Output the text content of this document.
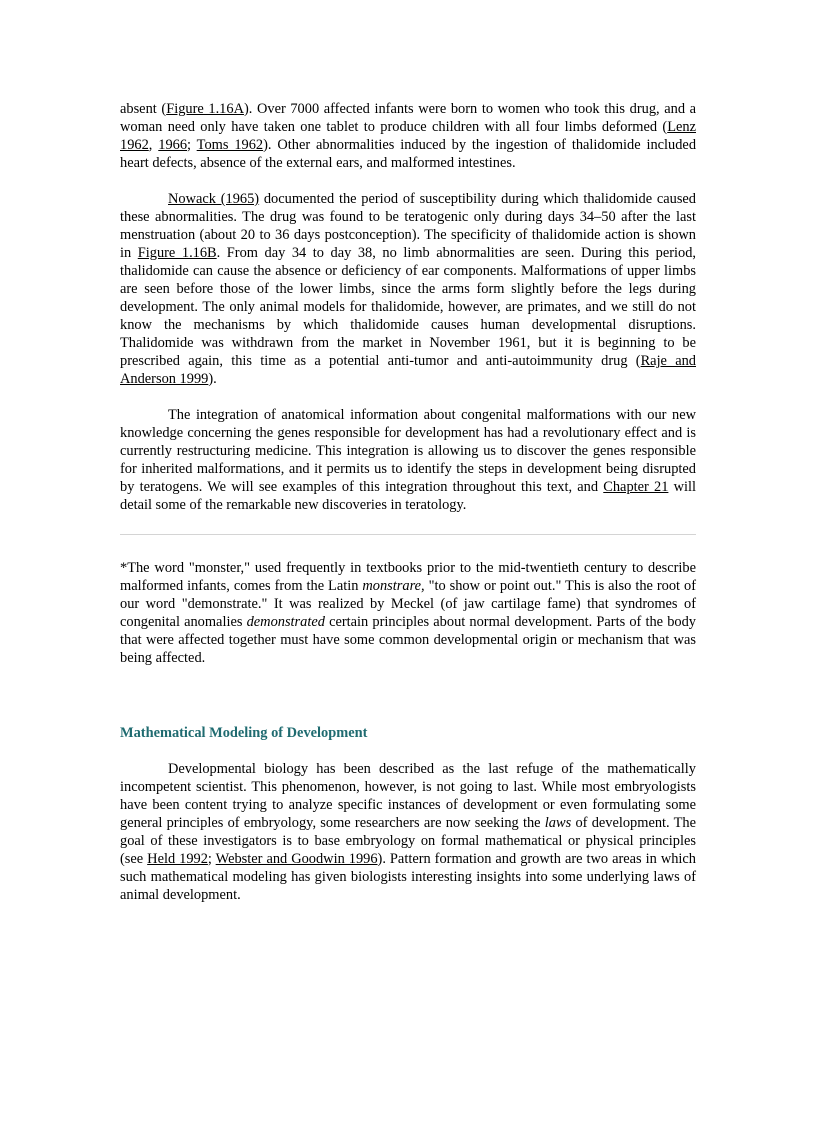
absent (Figure 1.16A). Over 7000 affected infants were born to women who took this drug, and a woman need only have taken one tablet to produce children with all four limbs deformed (Lenz 1962, 1966; Toms 1962). Other abnormalities induced by the ingestion of thalidomide included heart defects, absence of the external ears, and malformed intestines.

Nowack (1965) documented the period of susceptibility during which thalidomide caused these abnormalities. The drug was found to be teratogenic only during days 34–50 after the last menstruation (about 20 to 36 days postconception). The specificity of thalidomide action is shown in Figure 1.16B. From day 34 to day 38, no limb abnormalities are seen. During this period, thalidomide can cause the absence or deficiency of ear components. Malformations of upper limbs are seen before those of the lower limbs, since the arms form slightly before the legs during development. The only animal models for thalidomide, however, are primates, and we still do not know the mechanisms by which thalidomide causes human developmental disruptions. Thalidomide was withdrawn from the market in November 1961, but it is beginning to be prescribed again, this time as a potential anti-tumor and anti-autoimmunity drug (Raje and Anderson 1999).

The integration of anatomical information about congenital malformations with our new knowledge concerning the genes responsible for development has had a revolutionary effect and is currently restructuring medicine. This integration is allowing us to discover the genes responsible for inherited malformations, and it permits us to identify the steps in development being disrupted by teratogens. We will see examples of this integration throughout this text, and Chapter 21 will detail some of the remarkable new discoveries in teratology.

*The word "monster," used frequently in textbooks prior to the mid-twentieth century to describe malformed infants, comes from the Latin monstrare, "to show or point out." This is also the root of our word "demonstrate." It was realized by Meckel (of jaw cartilage fame) that syndromes of congenital anomalies demonstrated certain principles about normal development. Parts of the body that were affected together must have some common developmental origin or mechanism that was being affected.

Mathematical Modeling of Development

Developmental biology has been described as the last refuge of the mathematically incompetent scientist. This phenomenon, however, is not going to last. While most embryologists have been content trying to analyze specific instances of development or even formulating some general principles of embryology, some researchers are now seeking the laws of development. The goal of these investigators is to base embryology on formal mathematical or physical principles (see Held 1992; Webster and Goodwin 1996). Pattern formation and growth are two areas in which such mathematical modeling has given biologists interesting insights into some underlying laws of animal development.
